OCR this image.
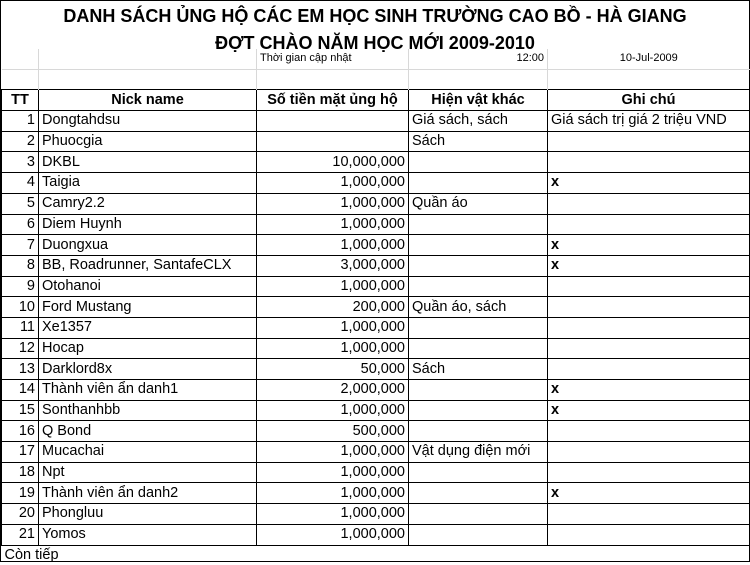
DANH SÁCH ỦNG HỘ CÁC EM HỌC SINH TRƯỜNG CAO BỒ - HÀ GIANG
ĐỢT CHÀO NĂM HỌC MỚI 2009-2010
		Thời gian cập nhật	12:00	10-Jul-2009

TT	Nick name	Số tiền mặt ủng hộ	Hiện vật khác	Ghi chú
1	Dongtahdsu		Giá sách, sách	Giá sách trị giá 2 triệu VND
2	Phuocgia		Sách	
3	DKBL	10,000,000		
4	Taigia	1,000,000		x
5	Camry2.2	1,000,000	Quần áo	
6	Diem Huynh	1,000,000		
7	Duongxua	1,000,000		x
8	BB, Roadrunner, SantafeCLX	3,000,000		x
9	Otohanoi	1,000,000		
10	Ford Mustang	200,000	Quần áo, sách	
11	Xe1357	1,000,000		
12	Hocap	1,000,000		
13	Darklord8x	50,000	Sách	
14	Thành viên ẩn danh1	2,000,000		x
15	Sonthanhbb	1,000,000		x
16	Q Bond	500,000		
17	Mucachai	1,000,000	Vật dụng điện mới	
18	Npt	1,000,000		
19	Thành viên ẩn danh2	1,000,000		x
20	Phongluu	1,000,000		
21	Yomos	1,000,000		
Còn tiếp				
